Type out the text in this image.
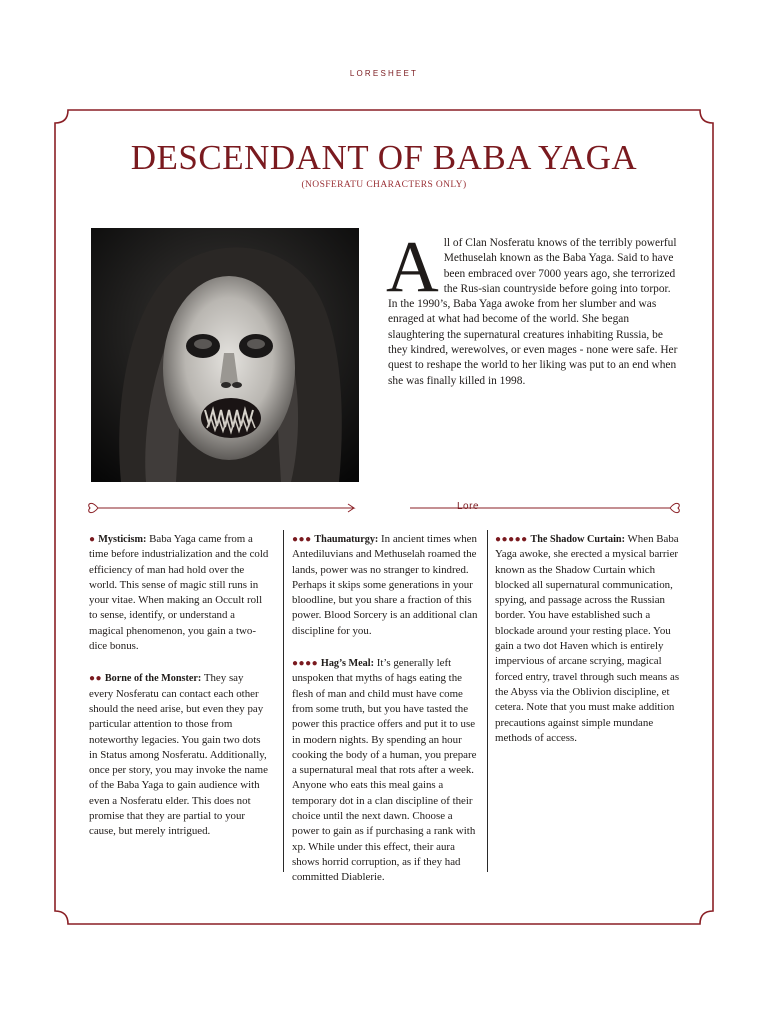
LORESHEET
DESCENDANT OF BABA YAGA
(NOSFERATU CHARACTERS ONLY)
A ll of Clan Nosferatu knows of the terribly powerful Methuselah known as the Baba Yaga. Said to have been embraced over 7000 years ago, she terrorized the Rus-sian countryside before going into torpor. In the 1990’s, Baba Yaga awoke from her slumber and was enraged at what had become of the world. She began slaughtering the supernatural creatures inhabiting Russia, be they kindred, werewolves, or even mages - none were safe. Her quest to reshape the world to her liking was put to an end when she was finally killed in 1998.

Lore

● Mysticism: Baba Yaga came from a time before industrialization and the cold efficiency of man had hold over the world. This sense of magic still runs in your vitae. When making an Occult roll to sense, identify, or understand a magical phenomenon, you gain a two-dice bonus.

●● Borne of the Monster: They say every Nosferatu can contact each other should the need arise, but even they pay particular attention to those from noteworthy legacies. You gain two dots in Status among Nosferatu. Additionally, once per story, you may invoke the name of the Baba Yaga to gain audience with even a Nosferatu elder. This does not promise that they are partial to your cause, but merely intrigued.

●●● Thaumaturgy: In ancient times when Antediluvians and Methuselah roamed the lands, power was no stranger to kindred. Perhaps it skips some generations in your bloodline, but you share a fraction of this power. Blood Sorcery is an additional clan discipline for you.

●●●● Hag’s Meal: It’s generally left unspoken that myths of hags eating the flesh of man and child must have come from some truth, but you have tasted the power this practice offers and put it to use in modern nights. By spending an hour cooking the body of a human, you prepare a supernatural meal that rots after a week. Anyone who eats this meal gains a temporary dot in a clan discipline of their choice until the next dawn. Choose a power to gain as if purchasing a rank with xp. While under this effect, their aura shows horrid corruption, as if they had committed Diablerie.

●●●●● The Shadow Curtain: When Baba Yaga awoke, she erected a mysical barrier known as the Shadow Curtain which blocked all supernatural communication, spying, and passage across the Russian border. You have established such a blockade around your resting place. You gain a two dot Haven which is entirely impervious of arcane scrying, magical forced entry, travel through such means as the Abyss via the Oblivion discipline, et cetera. Note that you must make addition precautions against simple mundane methods of access.
